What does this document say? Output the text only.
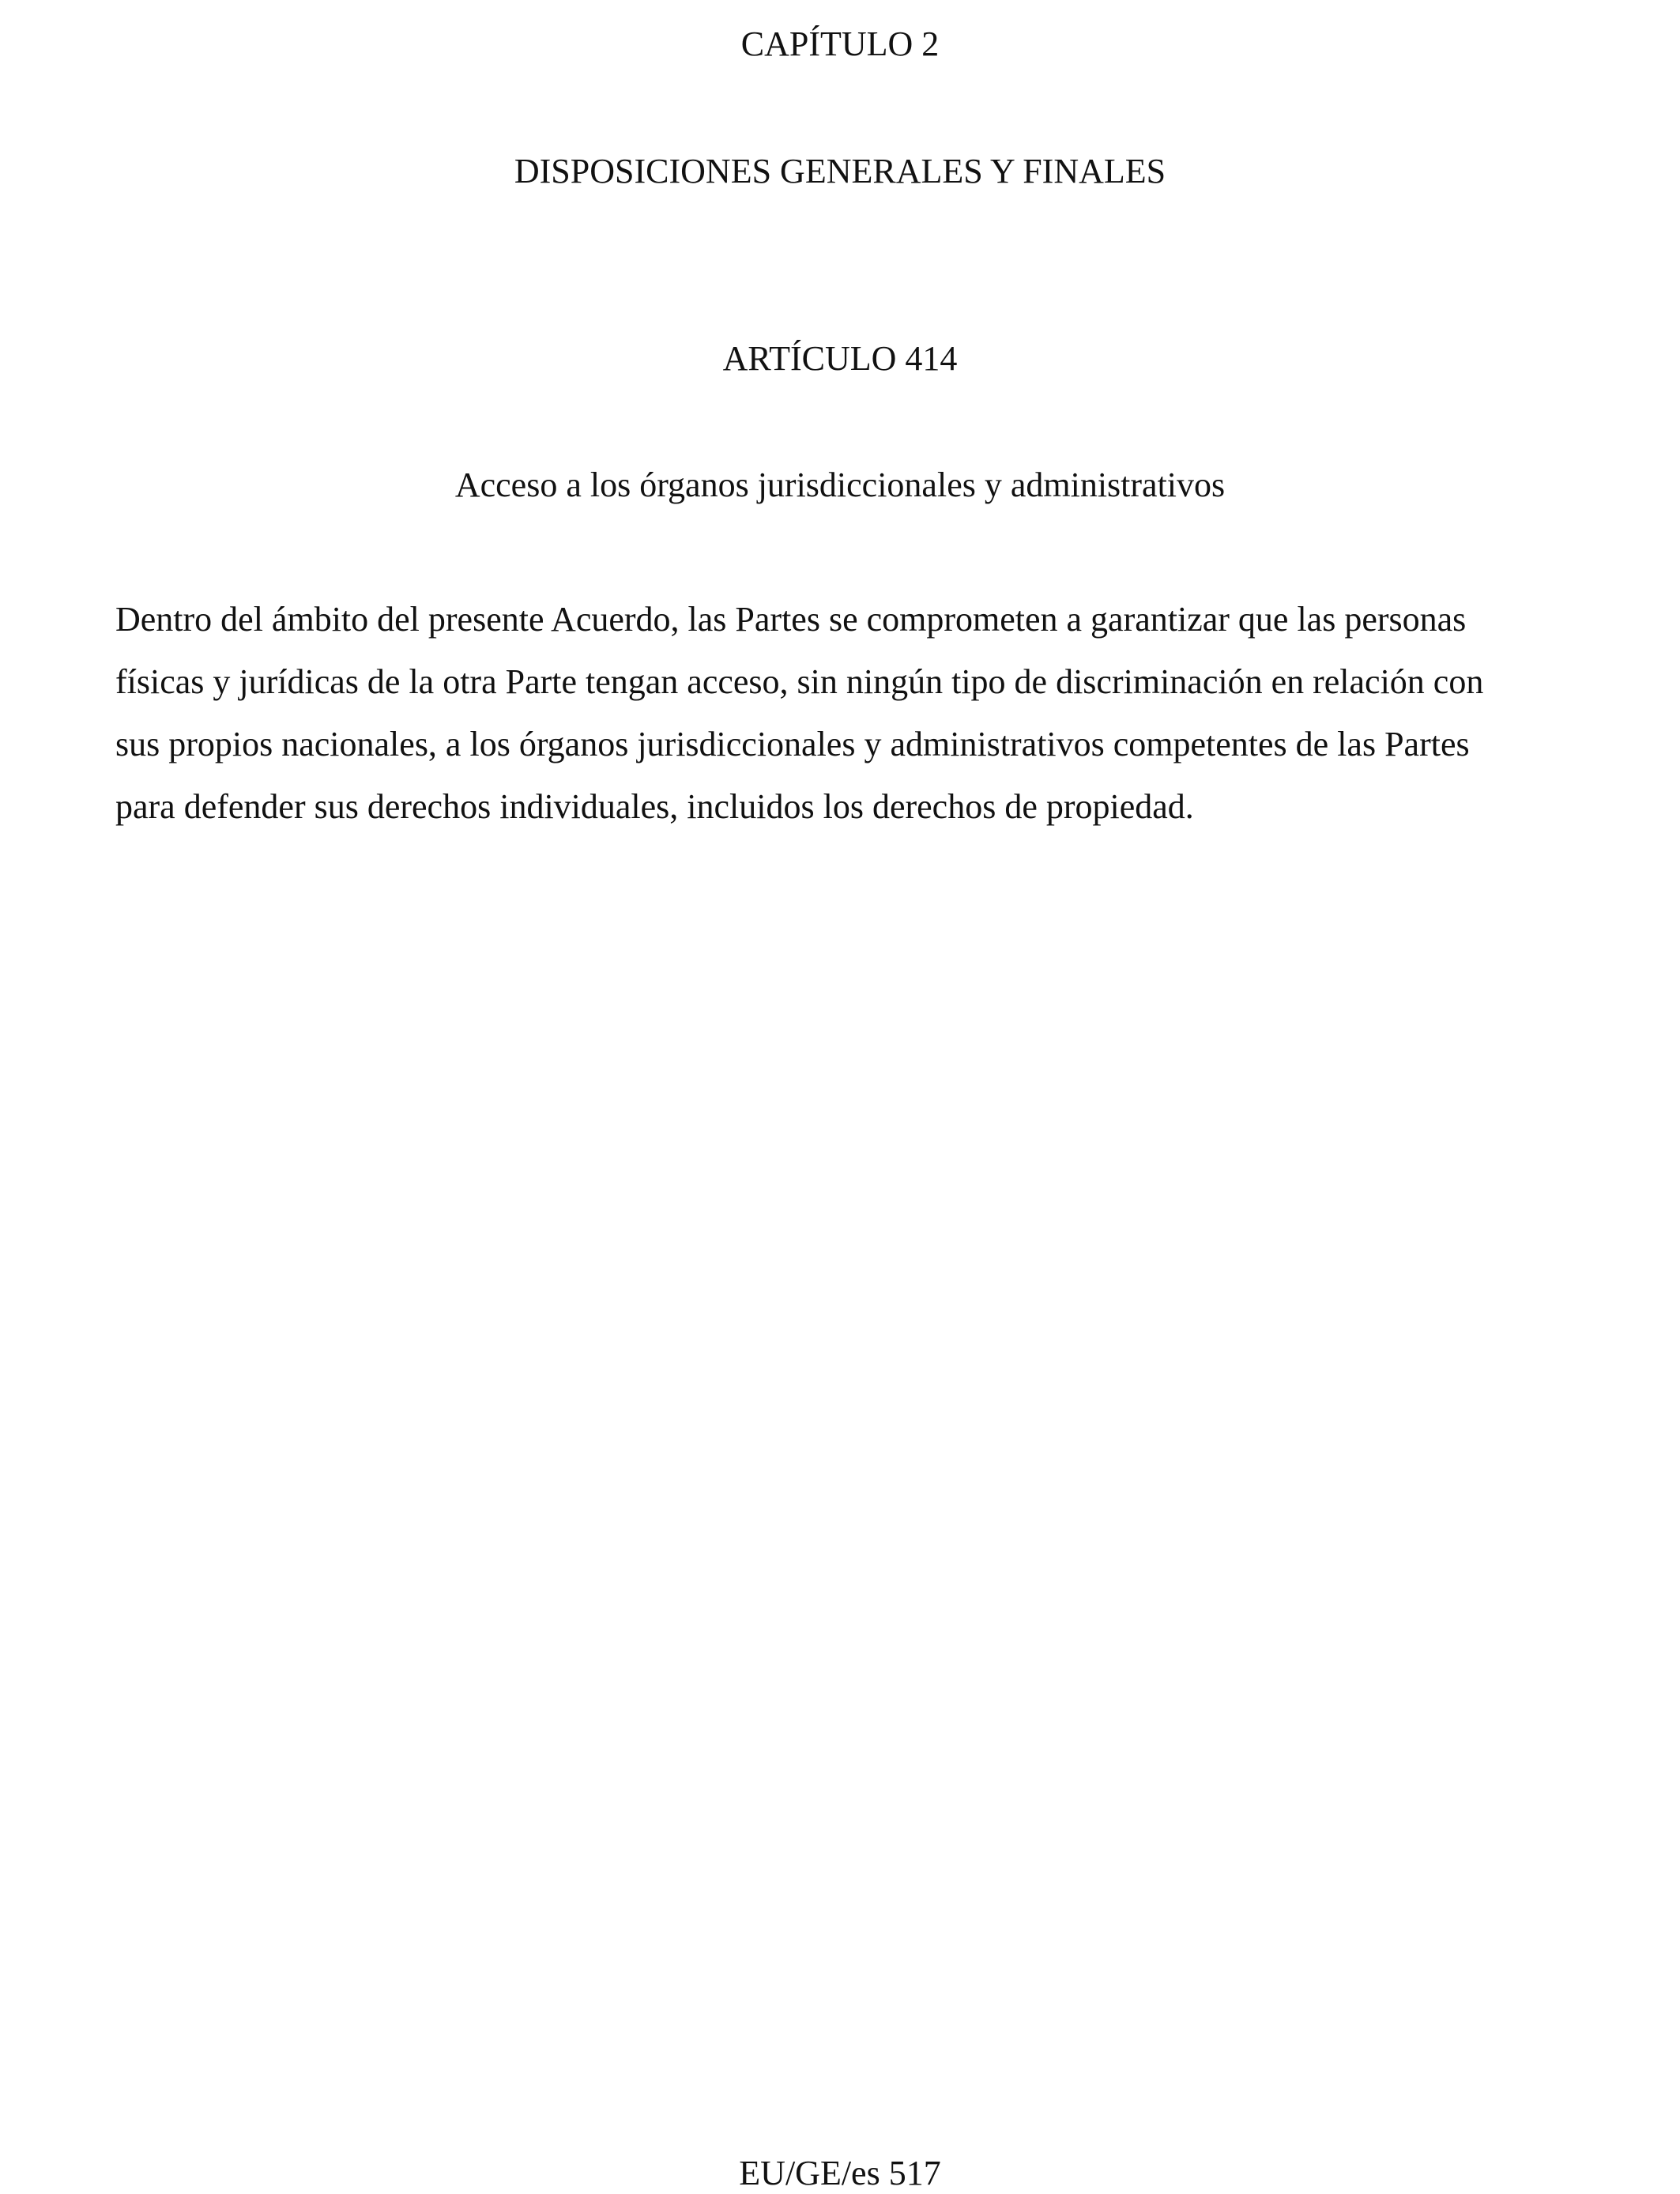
CAPÍTULO 2
DISPOSICIONES GENERALES Y FINALES
ARTÍCULO 414
Acceso a los órganos jurisdiccionales y administrativos
Dentro del ámbito del presente Acuerdo, las Partes se comprometen a garantizar que las personas
físicas y jurídicas de la otra Parte tengan acceso, sin ningún tipo de discriminación en relación con
sus propios nacionales, a los órganos jurisdiccionales y administrativos competentes de las Partes
para defender sus derechos individuales, incluidos los derechos de propiedad.
EU/GE/es 517
